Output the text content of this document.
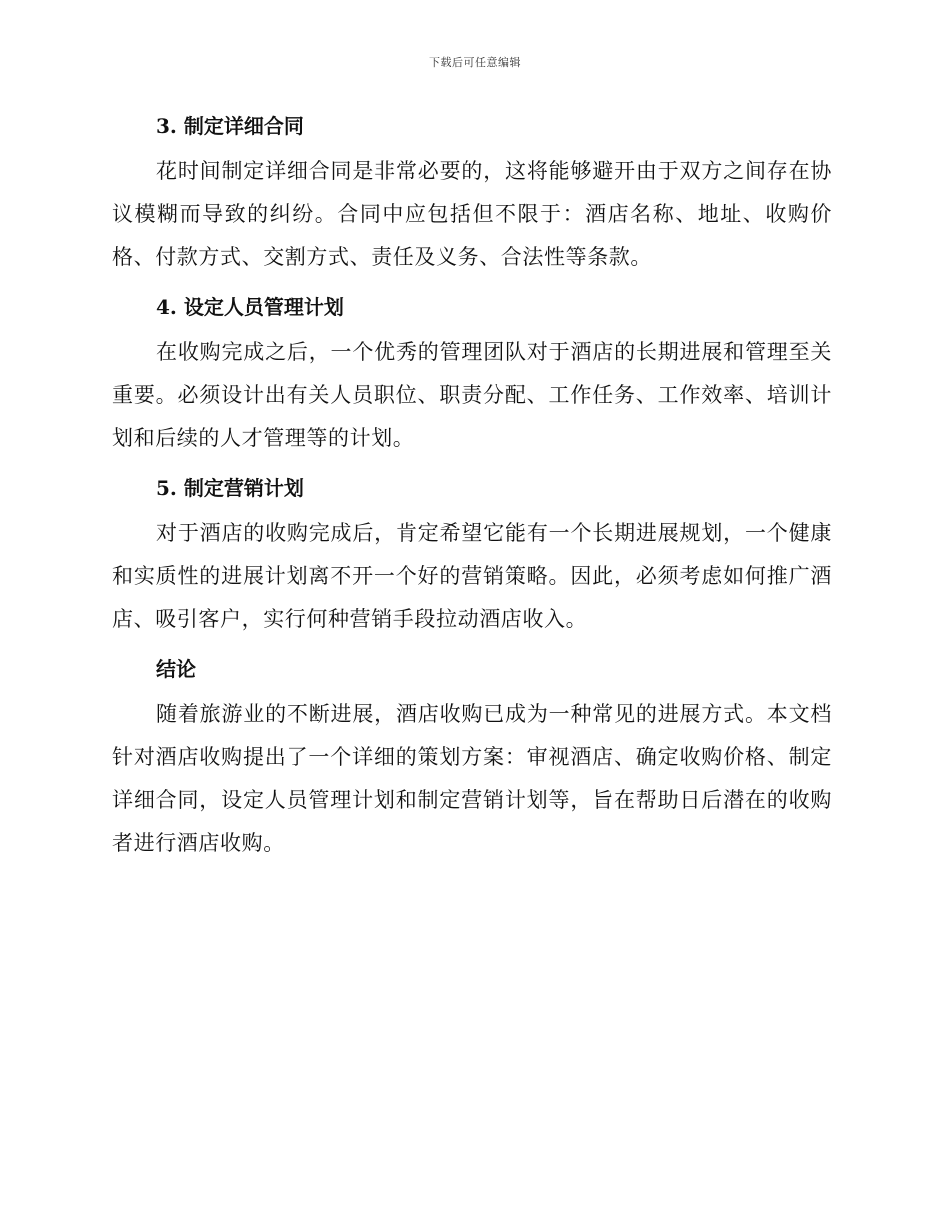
下载后可任意编辑
3. 制定详细合同

花时间制定详细合同是非常必要的，这将能够避开由于双方之间存在协议模糊而导致的纠纷。合同中应包括但不限于：酒店名称、地址、收购价格、付款方式、交割方式、责任及义务、合法性等条款。

4. 设定人员管理计划

在收购完成之后，一个优秀的管理团队对于酒店的长期进展和管理至关重要。必须设计出有关人员职位、职责分配、工作任务、工作效率、培训计划和后续的人才管理等的计划。

5. 制定营销计划

对于酒店的收购完成后，肯定希望它能有一个长期进展规划，一个健康和实质性的进展计划离不开一个好的营销策略。因此，必须考虑如何推广酒店、吸引客户，实行何种营销手段拉动酒店收入。

结论

随着旅游业的不断进展，酒店收购已成为一种常见的进展方式。本文档针对酒店收购提出了一个详细的策划方案：审视酒店、确定收购价格、制定详细合同，设定人员管理计划和制定营销计划等，旨在帮助日后潜在的收购者进行酒店收购。
